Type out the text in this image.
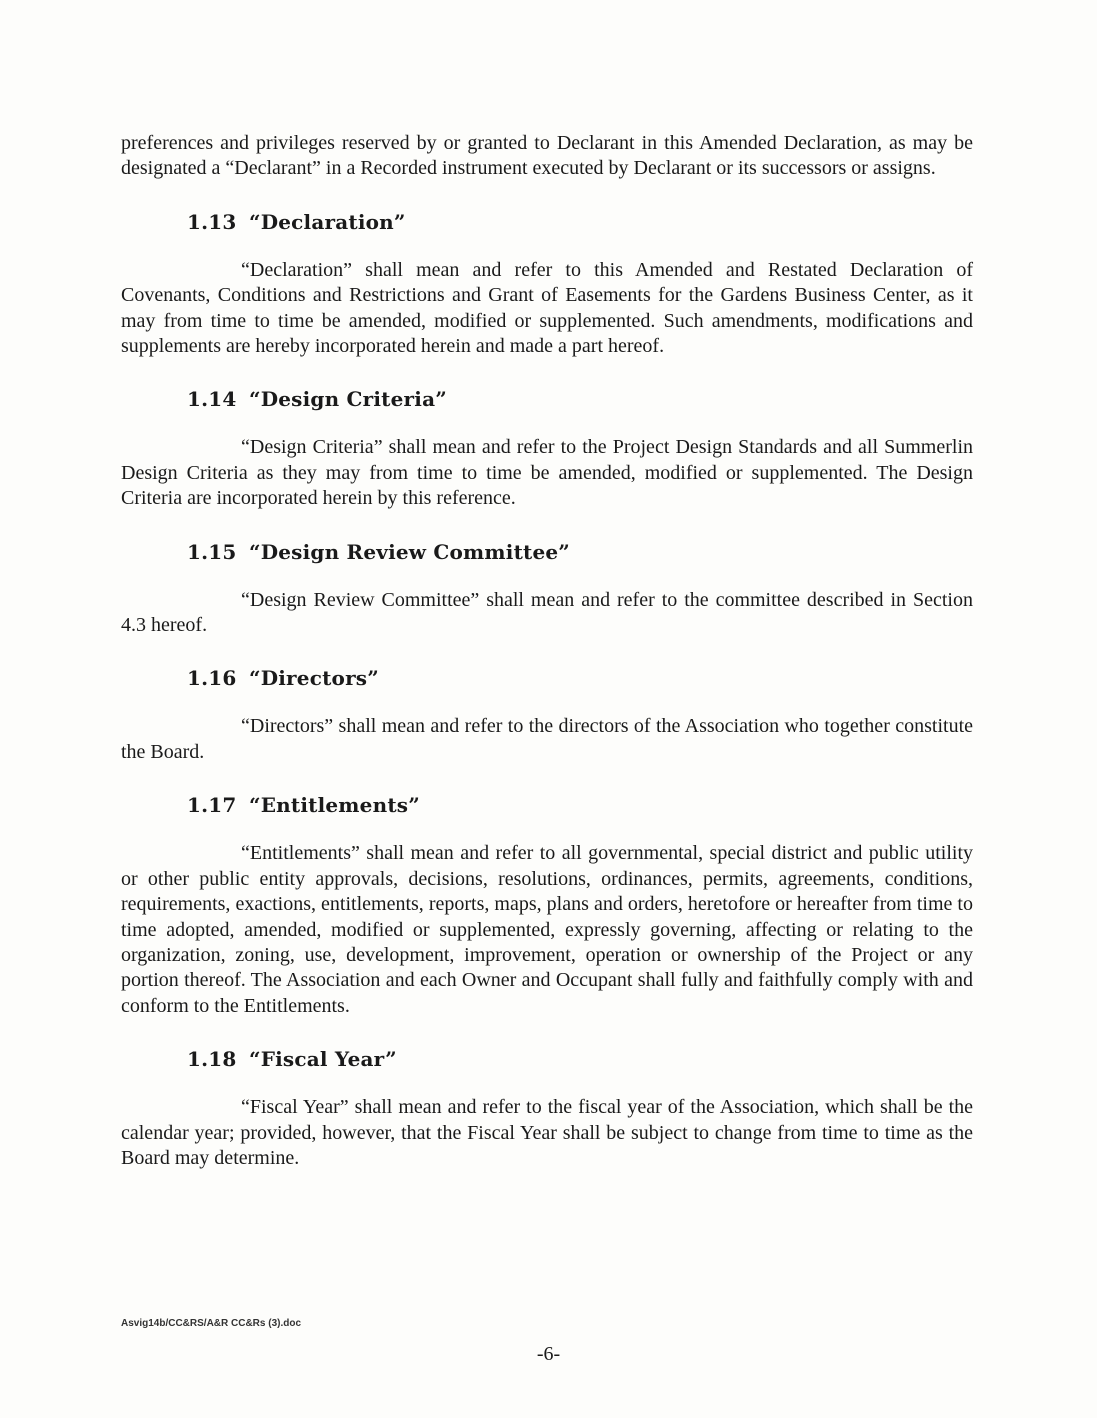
preferences and privileges reserved by or granted to Declarant in this Amended Declaration, as may be designated a “Declarant” in a Recorded instrument executed by Declarant or its successors or assigns.

1.13 “Declaration”

“Declaration” shall mean and refer to this Amended and Restated Declaration of Covenants, Conditions and Restrictions and Grant of Easements for the Gardens Business Center, as it may from time to time be amended, modified or supplemented. Such amendments, modifications and supplements are hereby incorporated herein and made a part hereof.

1.14 “Design Criteria”

“Design Criteria” shall mean and refer to the Project Design Standards and all Summerlin Design Criteria as they may from time to time be amended, modified or supplemented. The Design Criteria are incorporated herein by this reference.

1.15 “Design Review Committee”

“Design Review Committee” shall mean and refer to the committee described in Section 4.3 hereof.

1.16 “Directors”

“Directors” shall mean and refer to the directors of the Association who together constitute the Board.

1.17 “Entitlements”

“Entitlements” shall mean and refer to all governmental, special district and public utility or other public entity approvals, decisions, resolutions, ordinances, permits, agreements, conditions, requirements, exactions, entitlements, reports, maps, plans and orders, heretofore or hereafter from time to time adopted, amended, modified or supplemented, expressly governing, affecting or relating to the organization, zoning, use, development, improvement, operation or ownership of the Project or any portion thereof. The Association and each Owner and Occupant shall fully and faithfully comply with and conform to the Entitlements.

1.18 “Fiscal Year”

“Fiscal Year” shall mean and refer to the fiscal year of the Association, which shall be the calendar year; provided, however, that the Fiscal Year shall be subject to change from time to time as the Board may determine.

Asvig14b/CC&RS/A&R CC&Rs (3).doc
-6-
